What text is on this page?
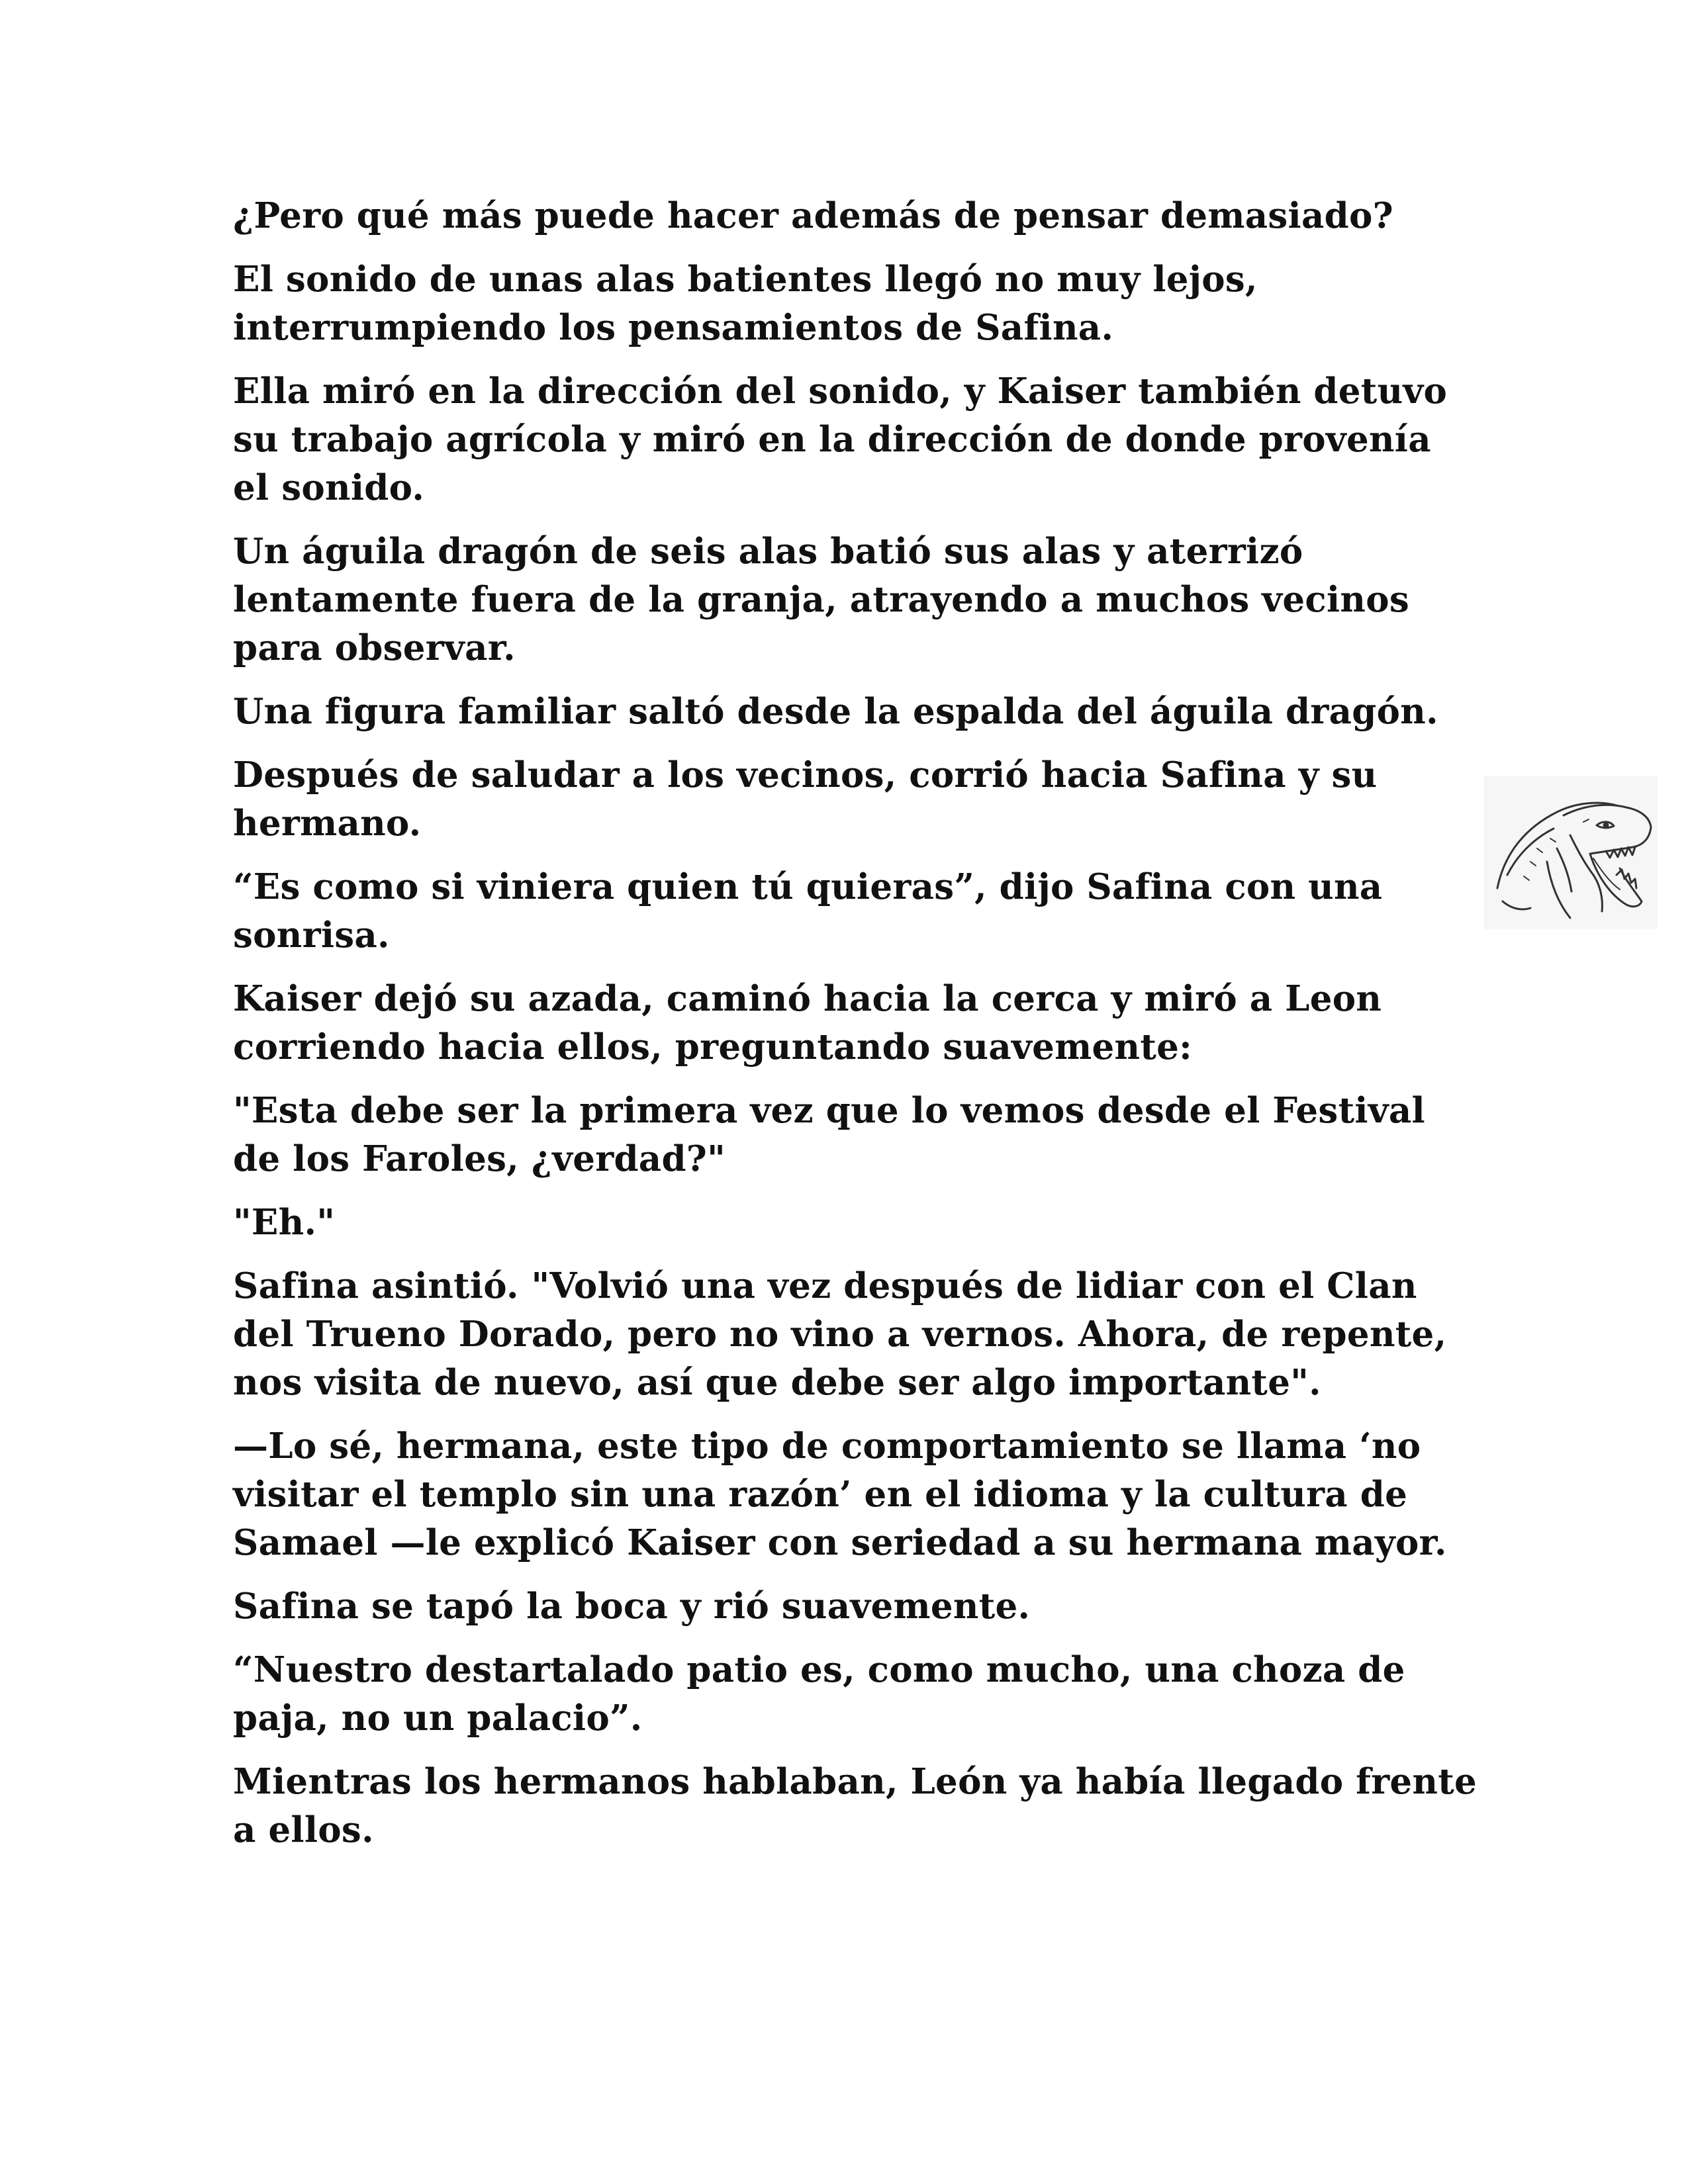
¿Pero qué más puede hacer además de pensar demasiado?

El sonido de unas alas batientes llegó no muy lejos, interrumpiendo los pensamientos de Safina.

Ella miró en la dirección del sonido, y Kaiser también detuvo su trabajo agrícola y miró en la dirección de donde provenía el sonido.

Un águila dragón de seis alas batió sus alas y aterrizó lentamente fuera de la granja, atrayendo a muchos vecinos para observar.

Una figura familiar saltó desde la espalda del águila dragón.

Después de saludar a los vecinos, corrió hacia Safina y su hermano.

“Es como si viniera quien tú quieras”, dijo Safina con una sonrisa.

Kaiser dejó su azada, caminó hacia la cerca y miró a Leon corriendo hacia ellos, preguntando suavemente:

"Esta debe ser la primera vez que lo vemos desde el Festival de los Faroles, ¿verdad?"

"Eh."

Safina asintió. "Volvió una vez después de lidiar con el Clan del Trueno Dorado, pero no vino a vernos. Ahora, de repente, nos visita de nuevo, así que debe ser algo importante".

—Lo sé, hermana, este tipo de comportamiento se llama ‘no visitar el templo sin una razón’ en el idioma y la cultura de Samael —le explicó Kaiser con seriedad a su hermana mayor.

Safina se tapó la boca y rió suavemente.

“Nuestro destartalado patio es, como mucho, una choza de paja, no un palacio”.

Mientras los hermanos hablaban, León ya había llegado frente a ellos.
